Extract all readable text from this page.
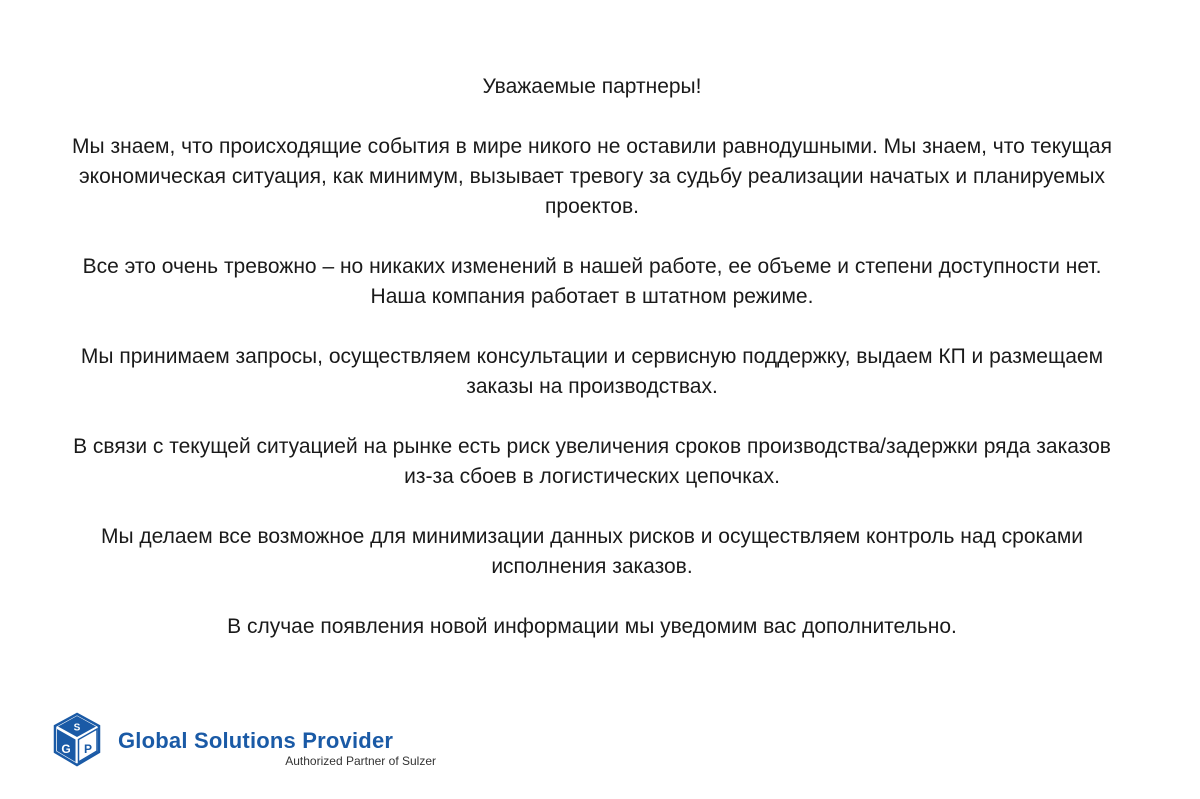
Уважаемые партнеры!

Мы знаем, что происходящие события в мире никого не оставили равнодушными. Мы знаем, что текущая экономическая ситуация, как минимум, вызывает тревогу за судьбу реализации начатых и планируемых проектов.

Все это очень тревожно – но никаких изменений в нашей работе, ее объеме и степени доступности нет. Наша компания работает в штатном режиме.

Мы принимаем запросы, осуществляем консультации и сервисную поддержку, выдаем КП и размещаем заказы на производствах.

В связи с текущей ситуацией на рынке есть риск увеличения сроков производства/задержки ряда заказов из-за сбоев в логистических цепочках.

Мы делаем все возможное для минимизации данных рисков и осуществляем контроль над сроками исполнения заказов.

В случае появления новой информации мы уведомим вас дополнительно.

S
G P Global Solutions Provider
Authorized Partner of Sulzer
